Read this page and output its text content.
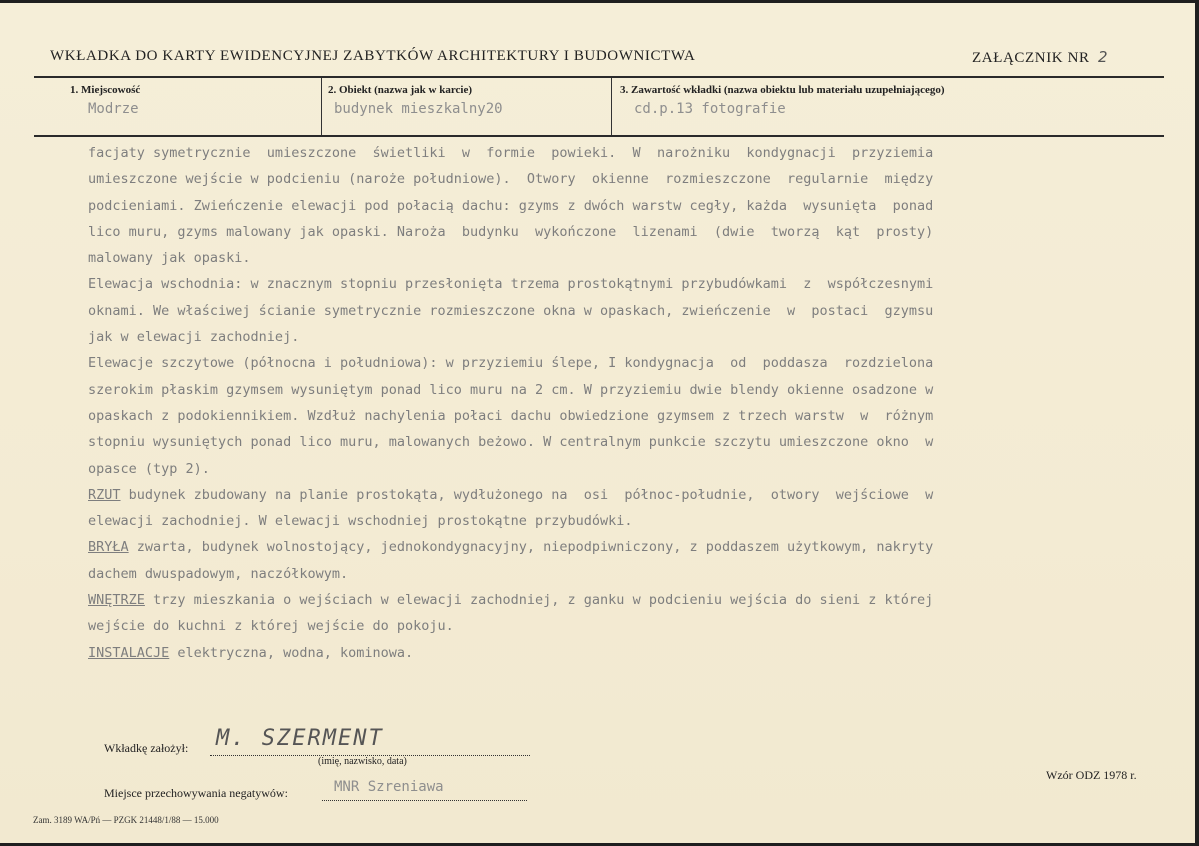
WKŁADKA DO KARTY EWIDENCYJNEJ ZABYTKÓW ARCHITEKTURY I BUDOWNICTWA	ZAŁĄCZNIK NR 2
1. Miejscowość
Modrze
2. Obiekt (nazwa jak w karcie)
budynek mieszkalny20
3. Zawartość wkładki (nazwa obiektu lub materiału uzupełniającego)
cd.p.13 fotografie
facjaty symetrycznie  umieszczone  świetliki  w  formie  powieki.  W  narożniku  kondygnacji  przyziemia
umieszczone wejście w podcieniu (naroże południowe).  Otwory  okienne  rozmieszczone  regularnie  między
podcieniami. Zwieńczenie elewacji pod połacią dachu: gzyms z dwóch warstw cegły, każda  wysunięta  ponad
lico muru, gzyms malowany jak opaski. Naroża  budynku  wykończone  lizenami  (dwie  tworzą  kąt  prosty)
malowany jak opaski.
Elewacja wschodnia: w znacznym stopniu przesłonięta trzema prostokątnymi przybudówkami  z  współczesnymi
oknami. We właściwej ścianie symetrycznie rozmieszczone okna w opaskach, zwieńczenie  w  postaci  gzymsu
jak w elewacji zachodniej.
Elewacje szczytowe (północna i południowa): w przyziemiu ślepe, I kondygnacja  od  poddasza  rozdzielona
szerokim płaskim gzymsem wysuniętym ponad lico muru na 2 cm. W przyziemiu dwie blendy okienne osadzone w
opaskach z podokiennikiem. Wzdłuż nachylenia połaci dachu obwiedzione gzymsem z trzech warstw  w  różnym
stopniu wysuniętych ponad lico muru, malowanych beżowo. W centralnym punkcie szczytu umieszczone okno  w
opasce (typ 2).
RZUT budynek zbudowany na planie prostokąta, wydłużonego na  osi  północ-południe,  otwory  wejściowe  w
elewacji zachodniej. W elewacji wschodniej prostokątne przybudówki.
BRYŁA zwarta, budynek wolnostojący, jednokondygnacyjny, niepodpiwniczony, z poddaszem użytkowym, nakryty
dachem dwuspadowym, naczółkowym.
WNĘTRZE trzy mieszkania o wejściach w elewacji zachodniej, z ganku w podcieniu wejścia do sieni z której
wejście do kuchni z której wejście do pokoju.
INSTALACJE elektryczna, wodna, kominowa.
Wkładkę założył: M. SZERMENT
(imię, nazwisko, data)
Miejsce przechowywania negatywów:	MNR Szreniawa
Wzór ODZ 1978 r.
Zam. 3189 WA/Pń — PZGK 21448/1/88 — 15.000
